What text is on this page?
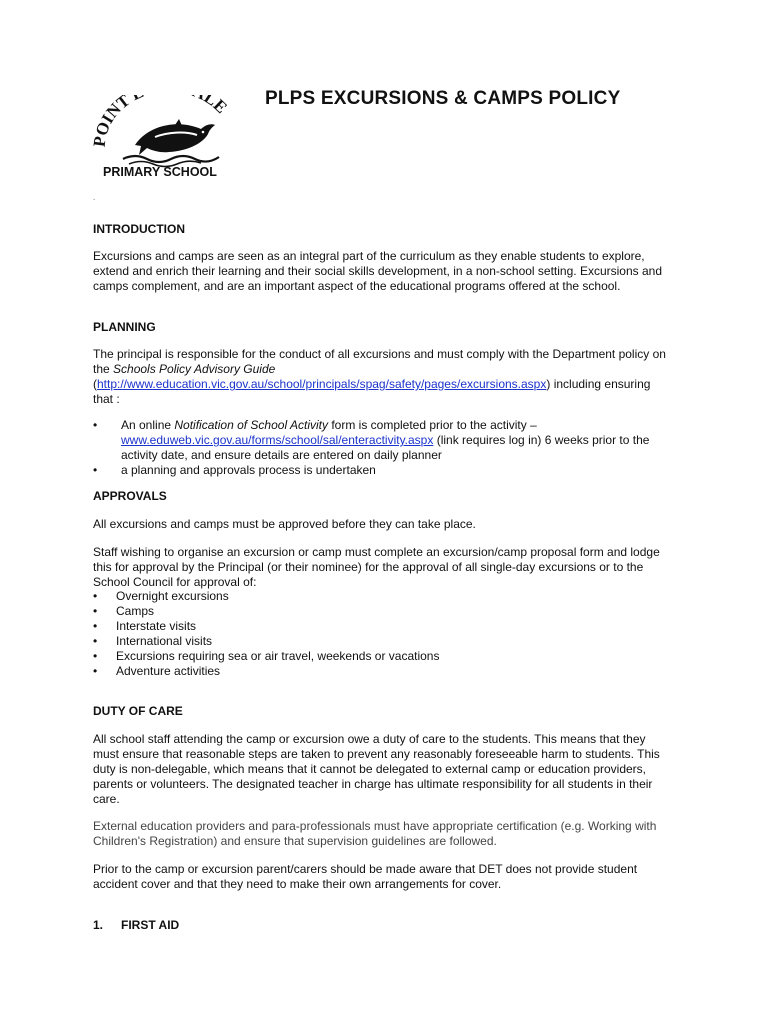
OINT LE
PRIMARY SCHOOL
PLPS EXCURSIONS & CAMPS POLICY
.
INTRODUCTION
Excursions and camps are seen as an integral part of the curriculum as they enable students to explore, extend and enrich their learning and their social skills development, in a non-school setting. Excursions and camps complement, and are an important aspect of the educational programs offered at the school.
PLANNING
The principal is responsible for the conduct of all excursions and must comply with the Department policy on the Schools Policy Advisory Guide
(http://www.education.vic.gov.au/school/principals/spag/safety/pages/excursions.aspx) including ensuring that :
• An online Notification of School Activity form is completed prior to the activity –
www.eduweb.vic.gov.au/forms/school/sal/enteractivity.aspx (link requires log in) 6 weeks prior to the activity date, and ensure details are entered on daily planner
• a planning and approvals process is undertaken
APPROVALS
All excursions and camps must be approved before they can take place.
Staff wishing to organise an excursion or camp must complete an excursion/camp proposal form and lodge this for approval by the Principal (or their nominee) for the approval of all single-day excursions or to the School Council for approval of:
• Overnight excursions
• Camps
• Interstate visits
• International visits
• Excursions requiring sea or air travel, weekends or vacations
• Adventure activities
DUTY OF CARE
All school staff attending the camp or excursion owe a duty of care to the students. This means that they must ensure that reasonable steps are taken to prevent any reasonably foreseeable harm to students. This duty is non-delegable, which means that it cannot be delegated to external camp or education providers, parents or volunteers. The designated teacher in charge has ultimate responsibility for all students in their care.
External education providers and para-professionals must have appropriate certification (e.g. Working with Children's Registration) and ensure that supervision guidelines are followed.
Prior to the camp or excursion parent/carers should be made aware that DET does not provide student accident cover and that they need to make their own arrangements for cover.
1. FIRST AID
